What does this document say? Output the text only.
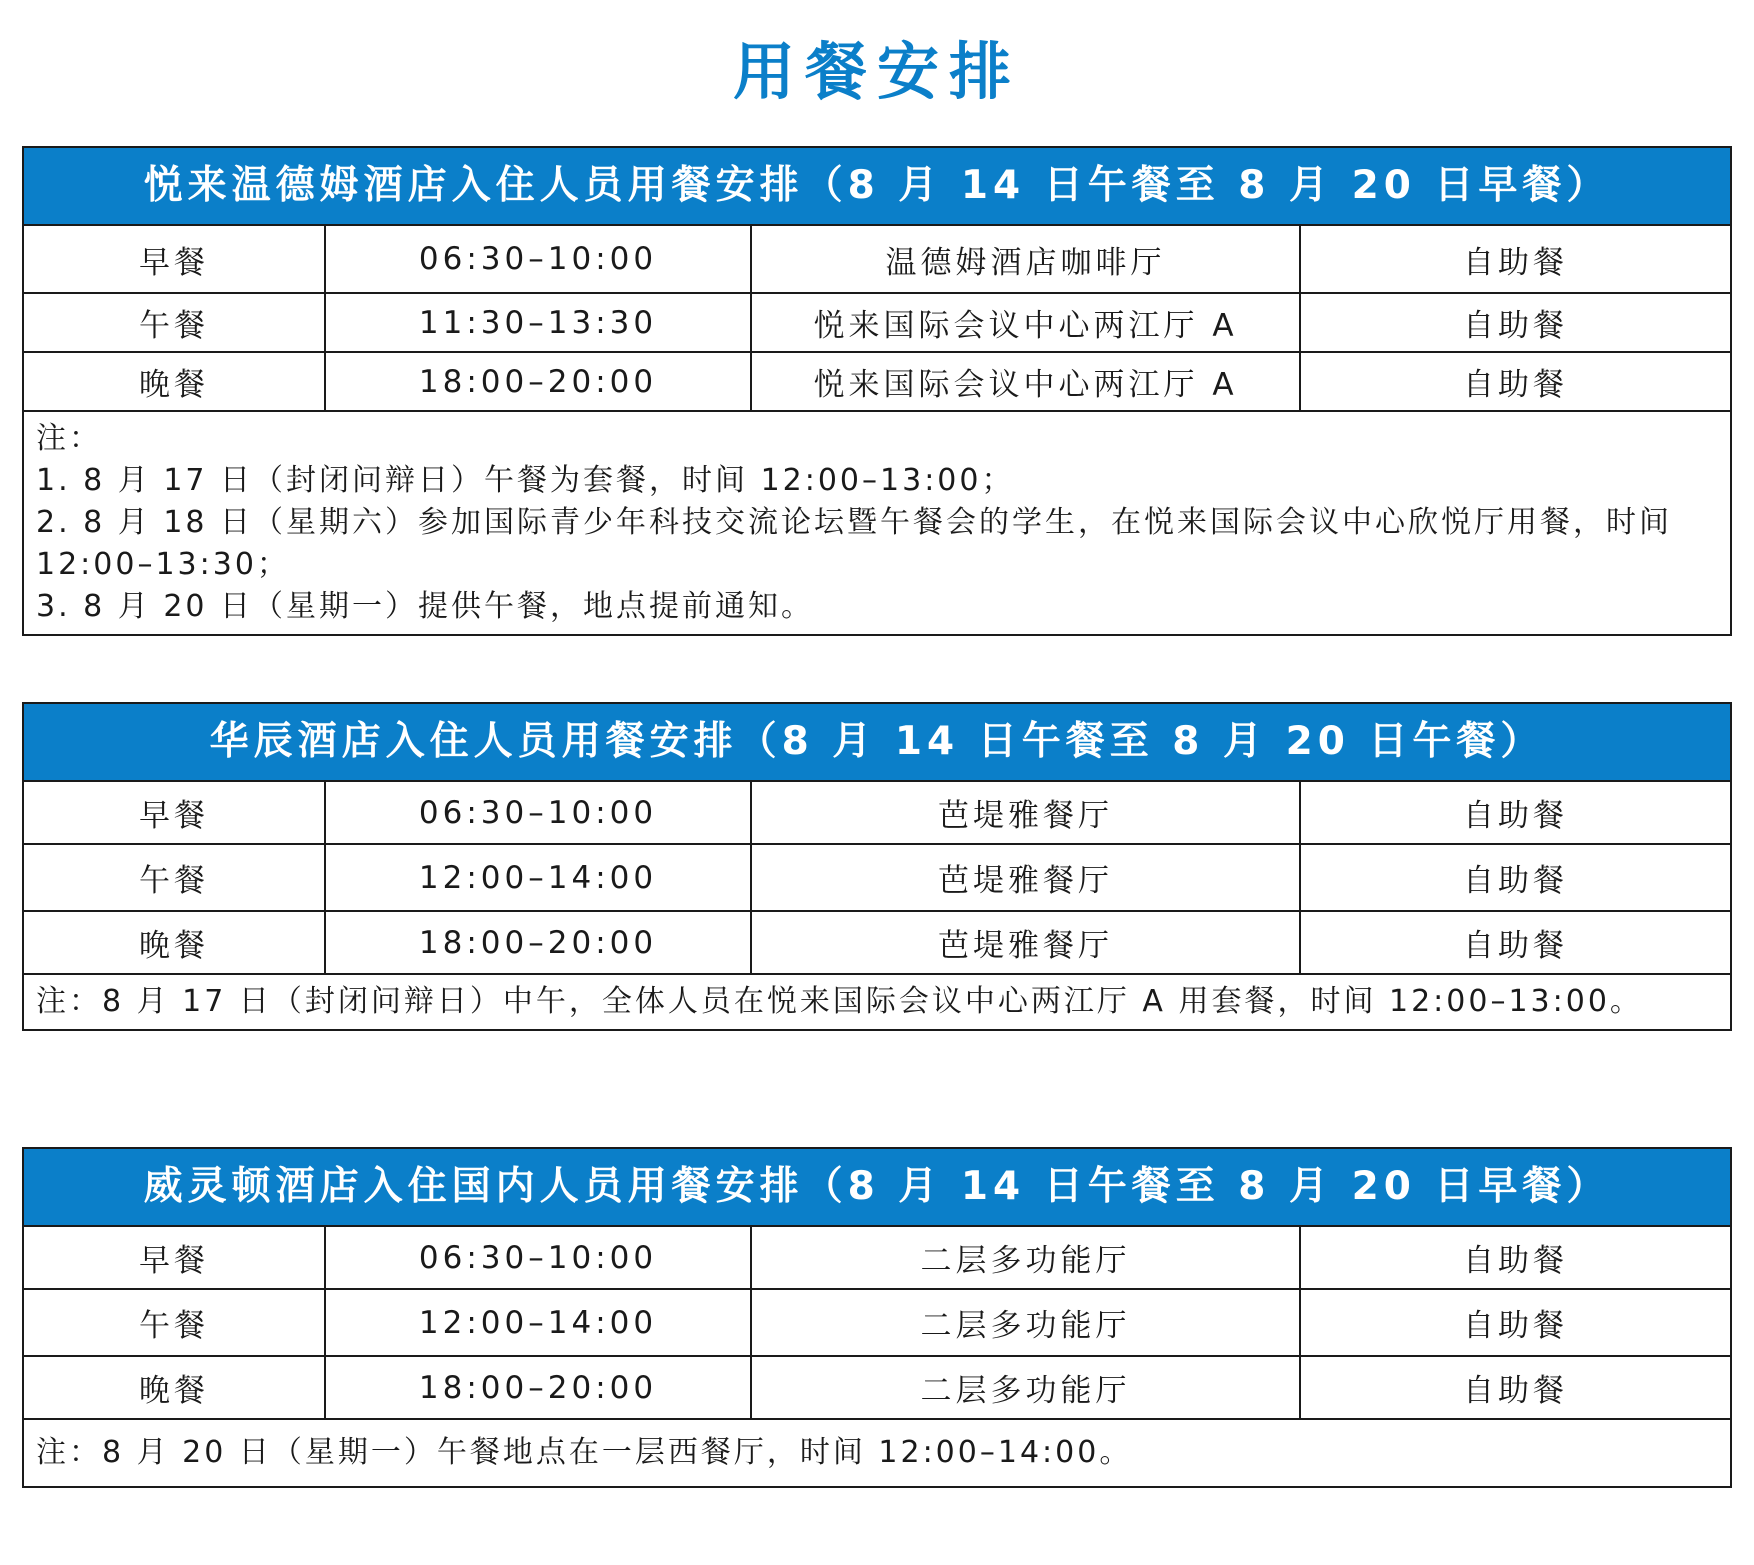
用餐安排
悦来温德姆酒店入住人员用餐安排（8 月 14 日午餐至 8 月 20 日早餐）
早餐	06:30–10:00	温德姆酒店咖啡厅	自助餐
午餐	11:30–13:30	悦来国际会议中心两江厅 A	自助餐
晚餐	18:00–20:00	悦来国际会议中心两江厅 A	自助餐
注：
1. 8 月 17 日（封闭问辩日）午餐为套餐，时间 12:00–13:00；
2. 8 月 18 日（星期六）参加国际青少年科技交流论坛暨午餐会的学生，在悦来国际会议中心欣悦厅用餐，时间 12:00–13:30；
3. 8 月 20 日（星期一）提供午餐，地点提前通知。
华辰酒店入住人员用餐安排（8 月 14 日午餐至 8 月 20 日午餐）
早餐	06:30–10:00	芭堤雅餐厅	自助餐
午餐	12:00–14:00	芭堤雅餐厅	自助餐
晚餐	18:00–20:00	芭堤雅餐厅	自助餐
注：8 月 17 日（封闭问辩日）中午，全体人员在悦来国际会议中心两江厅 A 用套餐，时间 12:00–13:00。
威灵顿酒店入住国内人员用餐安排（8 月 14 日午餐至 8 月 20 日早餐）
早餐	06:30–10:00	二层多功能厅	自助餐
午餐	12:00–14:00	二层多功能厅	自助餐
晚餐	18:00–20:00	二层多功能厅	自助餐
注：8 月 20 日（星期一）午餐地点在一层西餐厅，时间 12:00–14:00。
